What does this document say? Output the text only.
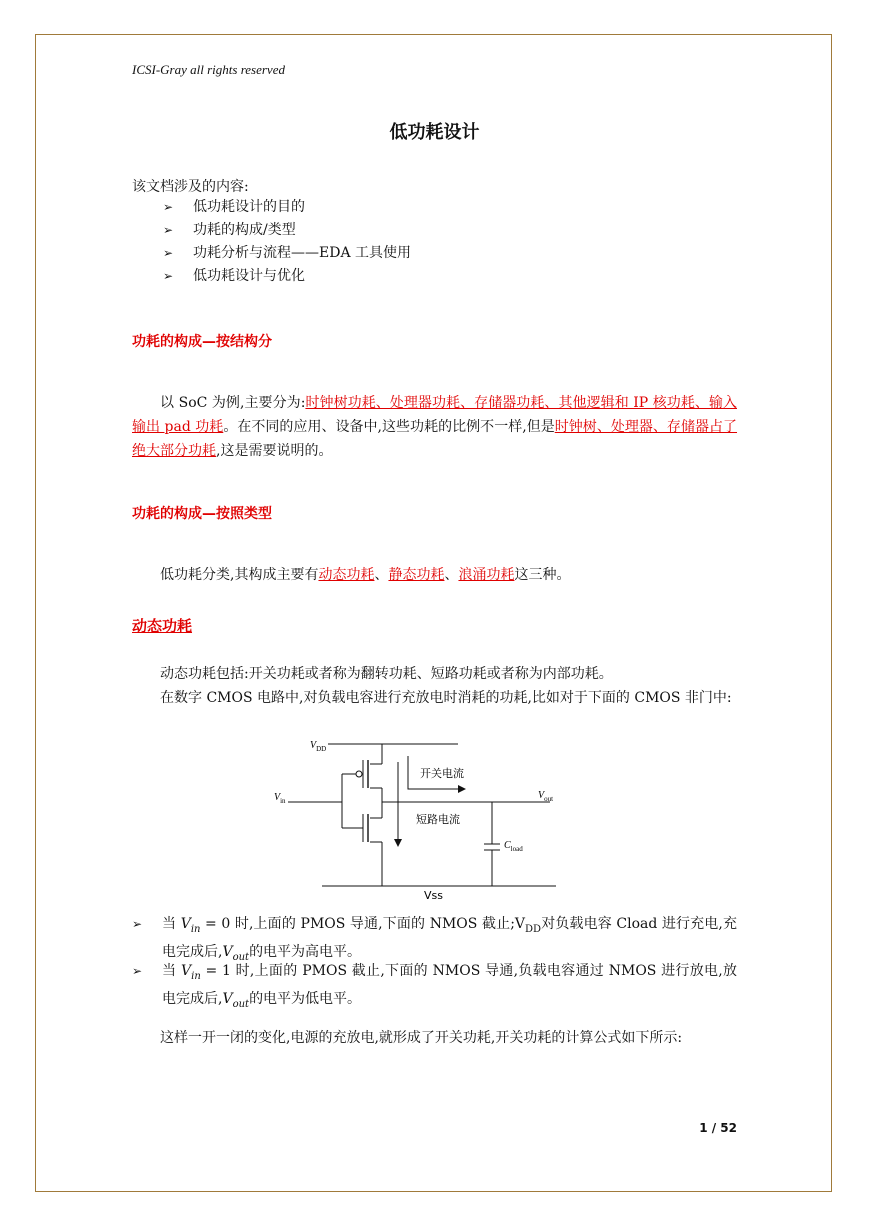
ICSI-Gray all rights reserved
低功耗设计
该文档涉及的内容:
➢ 低功耗设计的目的
➢ 功耗的构成/类型
➢ 功耗分析与流程——EDA 工具使用
➢ 低功耗设计与优化
功耗的构成—按结构分
以 SoC 为例,主要分为:时钟树功耗、处理器功耗、存储器功耗、其他逻辑和 IP 核功耗、输入输出 pad 功耗。在不同的应用、设备中,这些功耗的比例不一样,但是时钟树、处理器、存储器占了绝大部分功耗,这是需要说明的。
功耗的构成—按照类型
低功耗分类,其构成主要有动态功耗、静态功耗、浪涌功耗这三种。
动态功耗
动态功耗包括:开关功耗或者称为翻转功耗、短路功耗或者称为内部功耗。
在数字 CMOS 电路中,对负载电容进行充放电时消耗的功耗,比如对于下面的 CMOS 非门中:
$V_{DD}$
$V_{in}$	$V_{out}$
$C_{load}$
开关电流
短路电流
Vss
➢ 当 $V_{in} = 0$ 时,上面的 PMOS 导通,下面的 NMOS 截止$;V_{DD}$对负载电容 Cload 进行充电,充电完成后$,V_{out}$的电平为高电平。
➢ 当 $V_{in} = 1$ 时,上面的 PMOS 截止,下面的 NMOS 导通,负载电容通过 NMOS 进行放电,放电完成后$,V_{out}$的电平为低电平。
这样一开一闭的变化,电源的充放电,就形成了开关功耗,开关功耗的计算公式如下所示:
1 / 52
